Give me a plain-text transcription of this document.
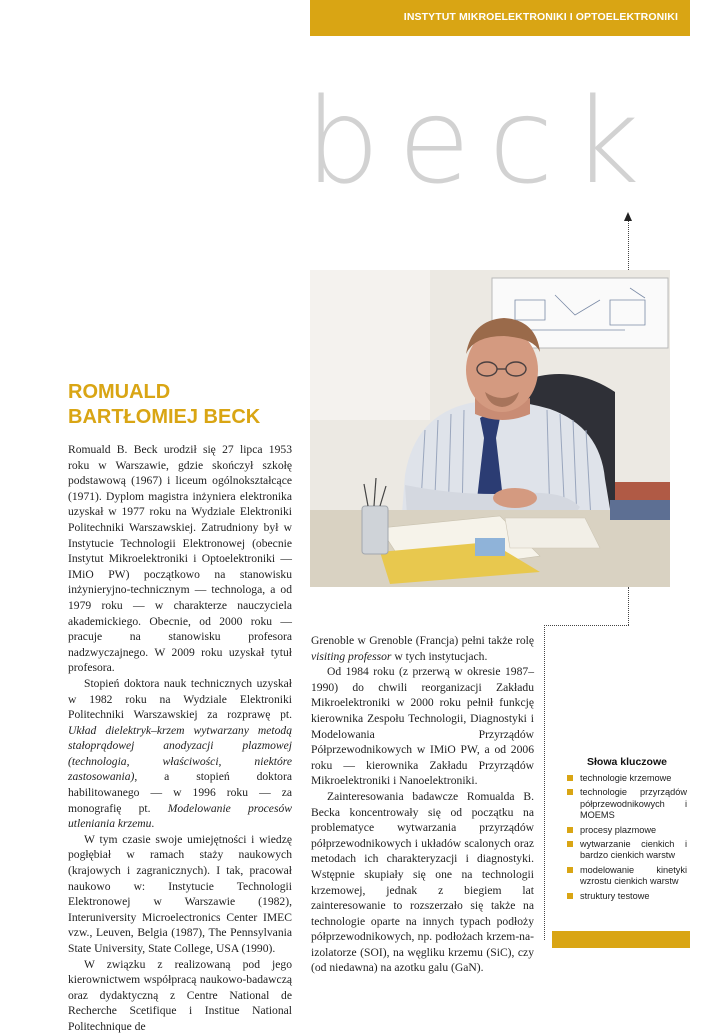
INSTYTUT MIKROELEKTRONIKI I OPTOELEKTRONIKI
beck
ROMUALD
BARTŁOMIEJ BECK

Romuald B. Beck urodził się 27 lipca 1953 roku w Warszawie, gdzie skończył szkołę podstawową (1967) i liceum ogólnokształcące (1971). Dyplom magistra inżyniera elektronika uzyskał w 1977 roku na Wydziale Elektroniki Politechniki Warszawskiej. Zatrudniony był w Instytucie Technologii Elektronowej (obecnie Instytut Mikroelektroniki i Optoelektroniki — IMiO PW) początkowo na stanowisku inżynieryjno-technicznym — technologa, a od 1979 roku — w charakterze nauczyciela akademickiego. Obecnie, od 2000 roku — pracuje na stanowisku profesora nadzwyczajnego. W 2009 roku uzyskał tytuł profesora.

Stopień doktora nauk technicznych uzyskał w 1982 roku na Wydziale Elektroniki Politechniki Warszawskiej za rozprawę pt. Układ dielektryk–krzem wytwarzany metodą stałoprądowej anodyzacji plazmowej (technologia, właściwości, niektóre zastosowania), a stopień doktora habilitowanego — w 1996 roku — za monografię pt. Modelowanie procesów utleniania krzemu.

W tym czasie swoje umiejętności i wiedzę pogłębiał w ramach staży naukowych (krajowych i zagranicznych). I tak, pracował naukowo w: Instytucie Technologii Elektronowej w Warszawie (1982), Interuniversity Microelectronics Center IMEC vzw., Leuven, Belgia (1987), The Pennsylvania State University, State College, USA (1990).

W związku z realizowaną pod jego kierownictwem współpracą naukowo-badawczą oraz dydaktyczną z Centre National de Recherche Scetifique i Institue National Politechnique de

Grenoble w Grenoble (Francja) pełni także rolę visiting professor w tych instytucjach.

Od 1984 roku (z przerwą w okresie 1987–1990) do chwili reorganizacji Zakładu Mikroelektroniki w 2000 roku pełnił funkcję kierownika Zespołu Technologii, Diagnostyki i Modelowania Przyrządów Półprzewodnikowych w IMiO PW, a od 2006 roku — kierownika Zakładu Przyrządów Mikroelektroniki i Nanoelektroniki.

Zainteresowania badawcze Romualda B. Becka koncentrowały się od początku na problematyce wytwarzania przyrządów półprzewodnikowych i układów scalonych oraz metodach ich charakteryzacji i diagnostyki. Wstępnie skupiały się one na technologii krzemowej, jednak z biegiem lat zainteresowanie to rozszerzało się także na technologie oparte na innych typach podłoży półprzewodnikowych, np. podłożach krzem-na-izolatorze (SOI), na węgliku krzemu (SiC), czy (od niedawna) na azotku galu (GaN).

Słowa kluczowe
technologie krzemowe
technologie przyrządów półprzewodnikowych i MOEMS
procesy plazmowe
wytwarzanie cienkich i bardzo cienkich warstw
modelowanie kinetyki wzrostu cienkich warstw
struktury testowe
